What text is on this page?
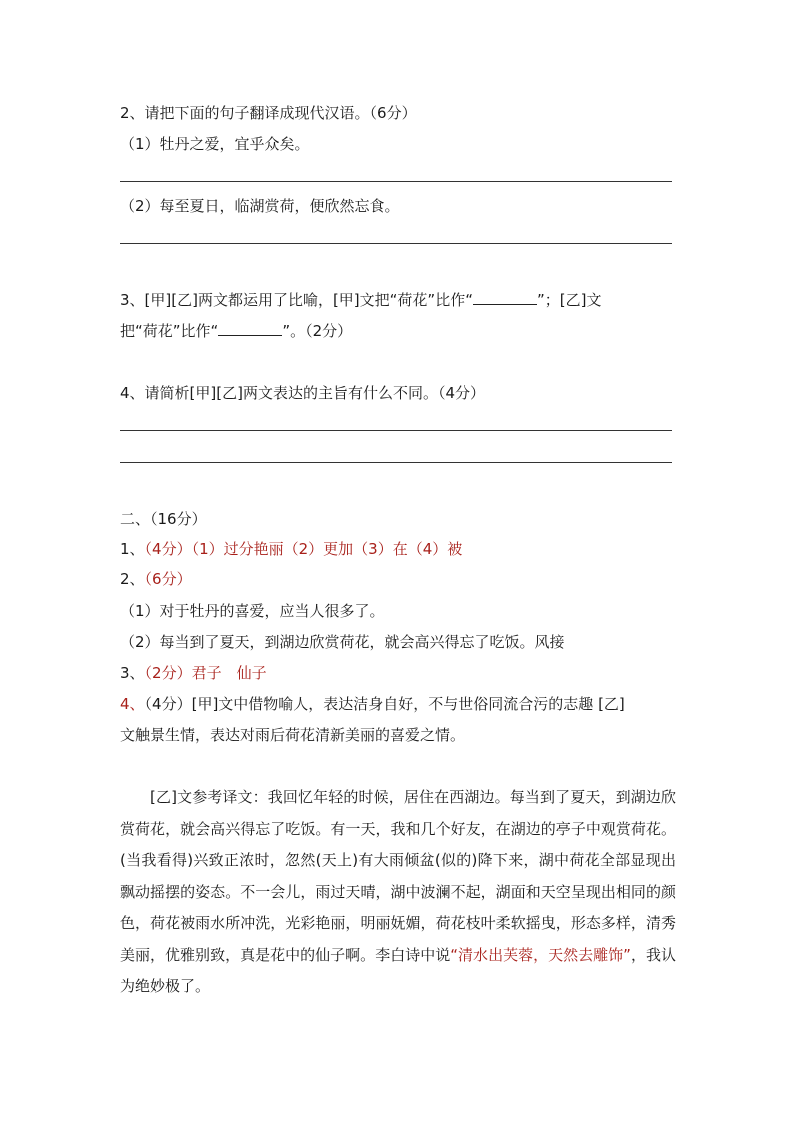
2、请把下面的句子翻译成现代汉语。（6分）
（1）牡丹之爱，宜乎众矣。
（2）每至夏日，临湖赏荷，便欣然忘食。
3、[甲][乙]两文都运用了比喻，[甲]文把“荷花”比作“	”；[乙]文
把“荷花”比作“	”。（2分）
4、请简析[甲][乙]两文表达的主旨有什么不同。（4分）
二、（16分）
1、（4分）（1）过分艳丽（2）更加（3）在（4）被
2、（6分）
（1）对于牡丹的喜爱，应当人很多了。
（2）每当到了夏天，到湖边欣赏荷花，就会高兴得忘了吃饭。风接
3、（2分）君子　仙子
4、（4分）[甲]文中借物喻人，表达洁身自好，不与世俗同流合污的志趣 [乙]
文触景生情，表达对雨后荷花清新美丽的喜爱之情。
[乙]文参考译文：我回忆年轻的时候，居住在西湖边。每当到了夏天，到湖边欣赏荷花，就会高兴得忘了吃饭。有一天，我和几个好友，在湖边的亭子中观赏荷花。(当我看得)兴致正浓时，忽然(天上)有大雨倾盆(似的)降下来，湖中荷花全部显现出飘动摇摆的姿态。不一会儿，雨过天晴，湖中波澜不起，湖面和天空呈现出相同的颜色，荷花被雨水所冲洗，光彩艳丽，明丽妩媚，荷花枝叶柔软摇曳，形态多样，清秀美丽，优雅别致，真是花中的仙子啊。李白诗中说“清水出芙蓉，天然去雕饰”，我认为绝妙极了。
